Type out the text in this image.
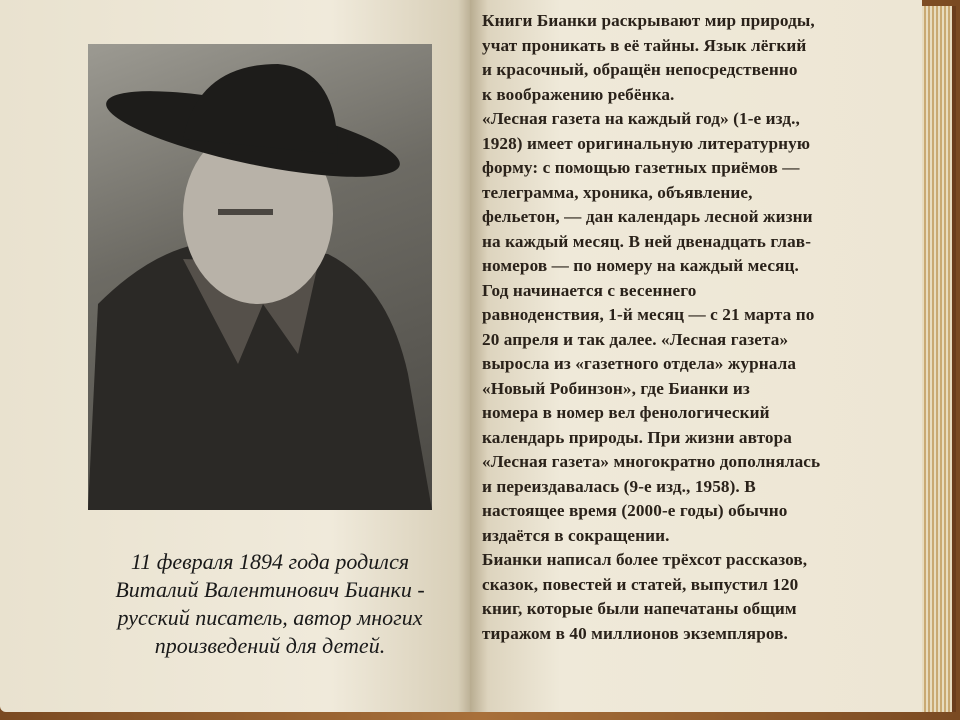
11 февраля 1894 года родился
Виталий Валентинович Бианки -
русский писатель, автор многих
произведений для детей.
Книги Бианки раскрывают мир природы,
учат проникать в её тайны. Язык лёгкий
и красочный, обращён непосредственно
к воображению ребёнка.
«Лесная газета на каждый год» (1-е изд.,
1928) имеет оригинальную литературную
форму: с помощью газетных приёмов —
телеграмма, хроника, объявление,
фельетон, — дан календарь лесной жизни
на каждый месяц. В ней двенадцать глав-
номеров — по номеру на каждый месяц.
Год начинается с весеннего
равноденствия, 1-й месяц — с 21 марта по
20 апреля и так далее. «Лесная газета»
выросла из «газетного отдела» журнала
«Новый Робинзон», где Бианки из
номера в номер вел фенологический
календарь природы. При жизни автора
«Лесная газета» многократно дополнялась
и переиздавалась (9-е изд., 1958). В
настоящее время (2000-е годы) обычно
издаётся в сокращении.
Бианки написал более трёхсот рассказов,
сказок, повестей и статей, выпустил 120
книг, которые были напечатаны общим
тиражом в 40 миллионов экземпляров.
